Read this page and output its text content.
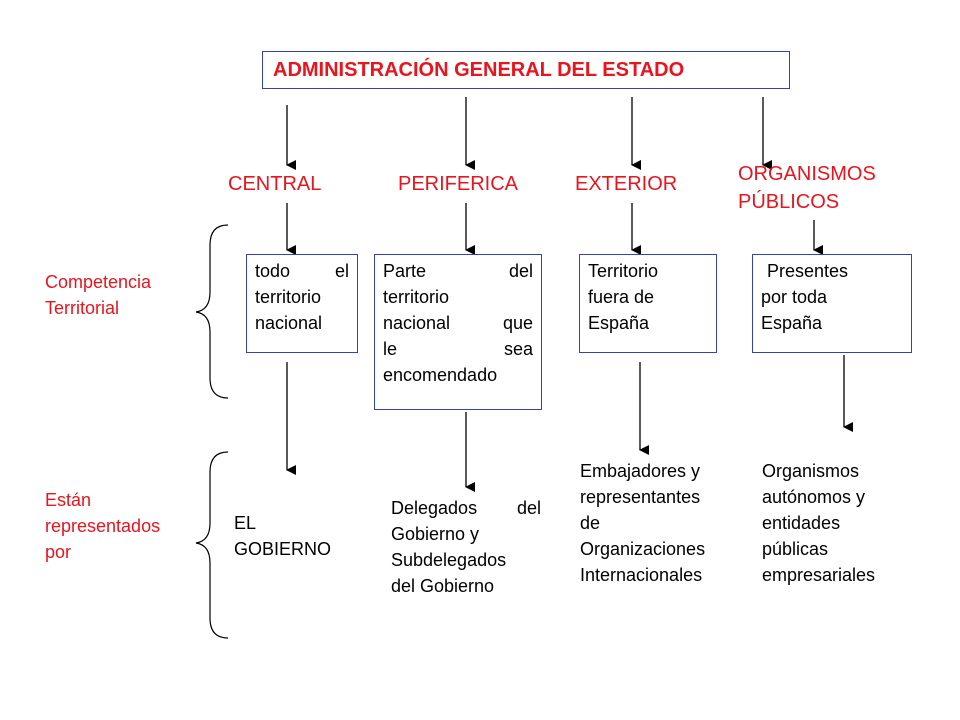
ADMINISTRACIÓN GENERAL DEL ESTADO
CENTRAL	PERIFERICA	EXTERIOR	ORGANISMOS
PÚBLICOS
Competencia
Territorial
Están
representados
por
todo el
territorio
nacional
Parte del
territorio
nacional que
le sea
encomendado
Territorio
fuera de
España
Presentes
por toda
España
EL
GOBIERNO
Delegados del
Gobierno y
Subdelegados
del Gobierno
Embajadores y
representantes
de
Organizaciones
Internacionales
Organismos
autónomos y
entidades
públicas
empresariales
